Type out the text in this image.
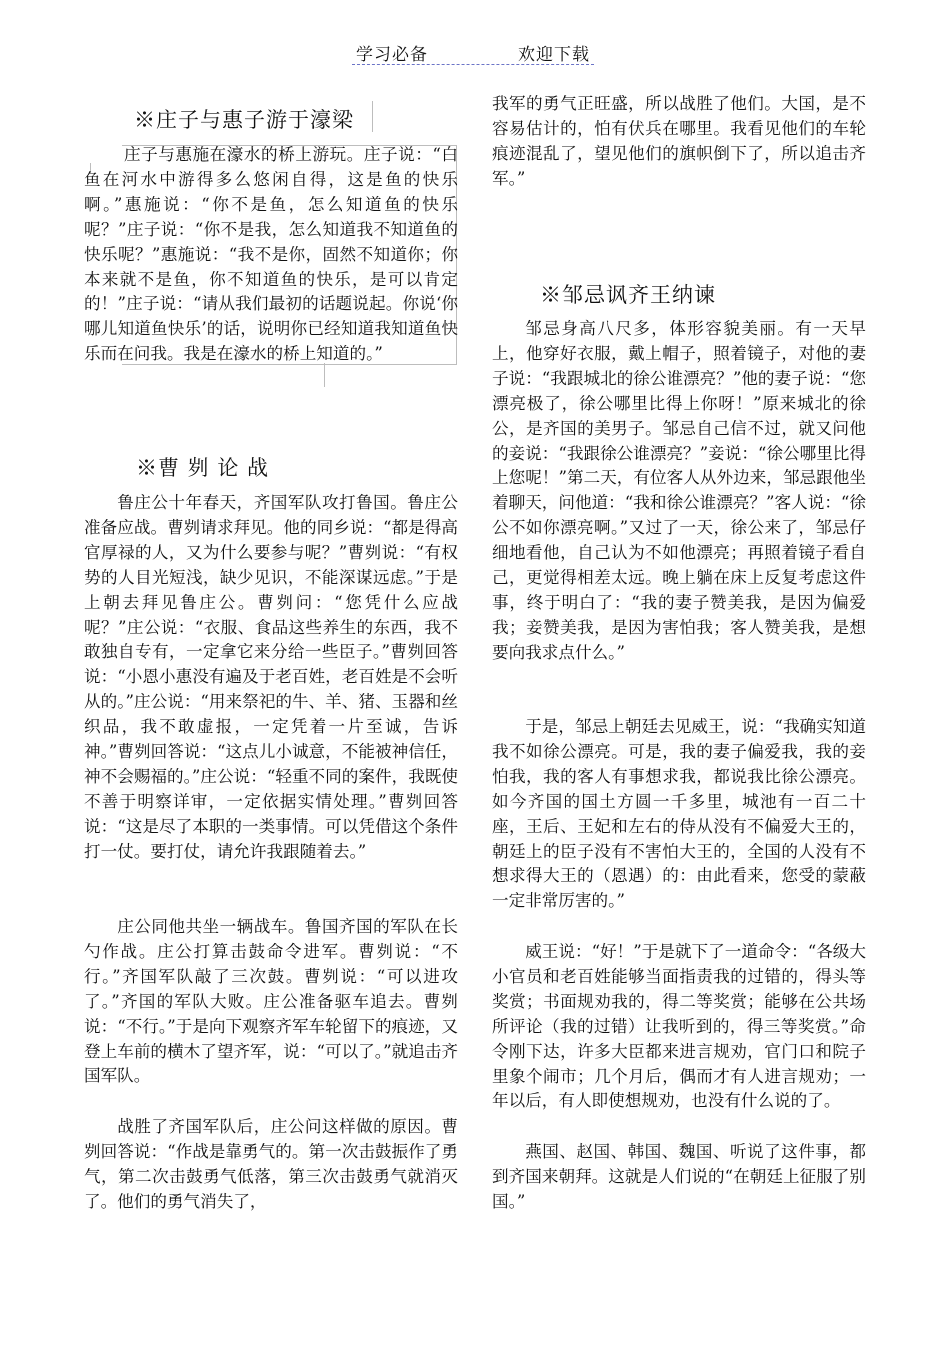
学习必备	欢迎下载
※庄子与惠子游于濠梁
庄子与惠施在濠水的桥上游玩。庄子说：“白鱼在河水中游得多么悠闲自得，这是鱼的快乐啊。”惠施说：“你不是鱼，怎么知道鱼的快乐呢？”庄子说：“你不是我，怎么知道我不知道鱼的快乐呢？”惠施说：“我不是你，固然不知道你；你本来就不是鱼，你不知道鱼的快乐，是可以肯定的！”庄子说：“请从我们最初的话题说起。你说‘你哪儿知道鱼快乐’的话，说明你已经知道我知道鱼快乐而在问我。我是在濠水的桥上知道的。”
※曹 刿 论 战
鲁庄公十年春天，齐国军队攻打鲁国。鲁庄公准备应战。曹刿请求拜见。他的同乡说：“都是得高官厚禄的人，又为什么要参与呢？”曹刿说：“有权势的人目光短浅，缺少见识，不能深谋远虑。”于是上朝去拜见鲁庄公。曹刿问：“您凭什么应战呢？”庄公说：“衣服、食品这些养生的东西，我不敢独自专有，一定拿它来分给一些臣子。”曹刿回答说：“小恩小惠没有遍及于老百姓，老百姓是不会听从的。”庄公说：“用来祭祀的牛、羊、猪、玉器和丝织品，我不敢虚报，一定凭着一片至诚，告诉神。”曹刿回答说：“这点儿小诚意，不能被神信任，神不会赐福的。”庄公说：“轻重不同的案件，我既使不善于明察详审，一定依据实情处理。”曹刿回答说：“这是尽了本职的一类事情。可以凭借这个条件打一仗。要打仗，请允许我跟随着去。”
庄公同他共坐一辆战车。鲁国齐国的军队在长勺作战。庄公打算击鼓命令进军。曹刿说：“不行。”齐国军队敲了三次鼓。曹刿说：“可以进攻了。”齐国的军队大败。庄公准备驱车追去。曹刿说：“不行。”于是向下观察齐军车轮留下的痕迹，又登上车前的横木了望齐军，说：“可以了。”就追击齐国军队。
战胜了齐国军队后，庄公问这样做的原因。曹刿回答说：“作战是靠勇气的。第一次击鼓振作了勇气，第二次击鼓勇气低落，第三次击鼓勇气就消灭了。他们的勇气消失了，
我军的勇气正旺盛，所以战胜了他们。大国，是不容易估计的，怕有伏兵在哪里。我看见他们的车轮痕迹混乱了，望见他们的旗帜倒下了，所以追击齐军。”
※邹忌讽齐王纳谏
邹忌身高八尺多，体形容貌美丽。有一天早上，他穿好衣服，戴上帽子，照着镜子，对他的妻子说：“我跟城北的徐公谁漂亮？”他的妻子说：“您漂亮极了，徐公哪里比得上你呀！”原来城北的徐公，是齐国的美男子。邹忌自己信不过，就又问他的妾说：“我跟徐公谁漂亮？”妾说：“徐公哪里比得上您呢！”第二天，有位客人从外边来，邹忌跟他坐着聊天，问他道：“我和徐公谁漂亮？”客人说：“徐公不如你漂亮啊。”又过了一天，徐公来了，邹忌仔细地看他，自己认为不如他漂亮；再照着镜子看自己，更觉得相差太远。晚上躺在床上反复考虑这件事，终于明白了：“我的妻子赞美我，是因为偏爱我；妾赞美我，是因为害怕我；客人赞美我，是想要向我求点什么。”
于是，邹忌上朝廷去见威王，说：“我确实知道我不如徐公漂亮。可是，我的妻子偏爱我，我的妾怕我，我的客人有事想求我，都说我比徐公漂亮。如今齐国的国土方圆一千多里，城池有一百二十座，王后、王妃和左右的侍从没有不偏爱大王的，朝廷上的臣子没有不害怕大王的，全国的人没有不想求得大王的（恩遇）的：由此看来，您受的蒙蔽一定非常厉害的。”
威王说：“好！”于是就下了一道命令：“各级大小官员和老百姓能够当面指责我的过错的，得头等奖赏；书面规劝我的，得二等奖赏；能够在公共场所评论（我的过错）让我听到的，得三等奖赏。”命令刚下达，许多大臣都来进言规劝，官门口和院子里象个闹市；几个月后，偶而才有人进言规劝；一年以后，有人即使想规劝，也没有什么说的了。
燕国、赵国、韩国、魏国、听说了这件事，都到齐国来朝拜。这就是人们说的“在朝廷上征服了别国。”
